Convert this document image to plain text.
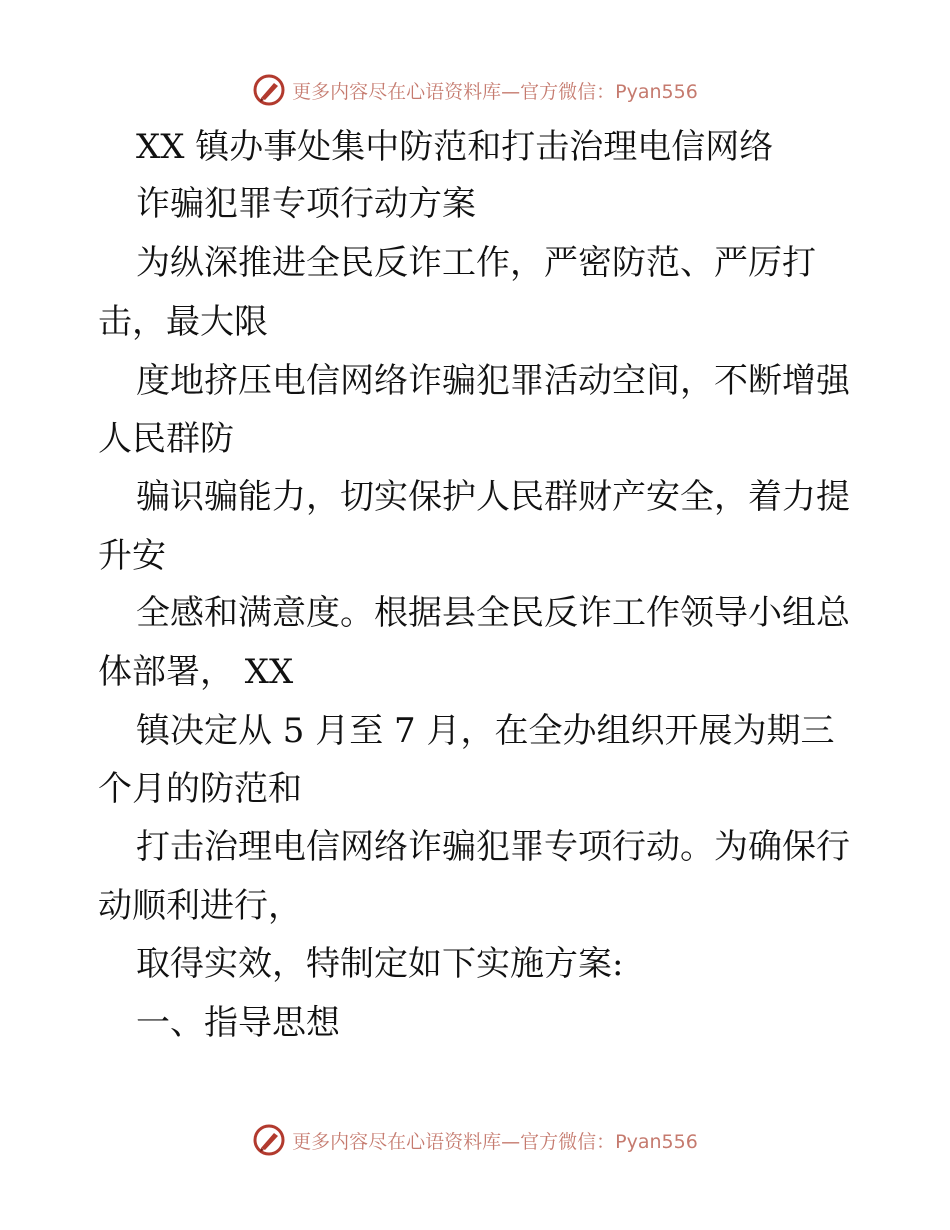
更多内容尽在心语资料库—官方微信：Pyan556
XX 镇办事处集中防范和打击治理电信网络
诈骗犯罪专项行动方案
为纵深推进全民反诈工作，严密防范、严厉打
击，最大限
度地挤压电信网络诈骗犯罪活动空间，不断增强
人民群防
骗识骗能力，切实保护人民群财产安全，着力提
升安
全感和满意度。根据县全民反诈工作领导小组总
体部署， XX
镇决定从 5 月至 7 月，在全办组织开展为期三
个月的防范和
打击治理电信网络诈骗犯罪专项行动。为确保行
动顺利进行，
取得实效，特制定如下实施方案:
一、指导思想
更多内容尽在心语资料库—官方微信：Pyan556
